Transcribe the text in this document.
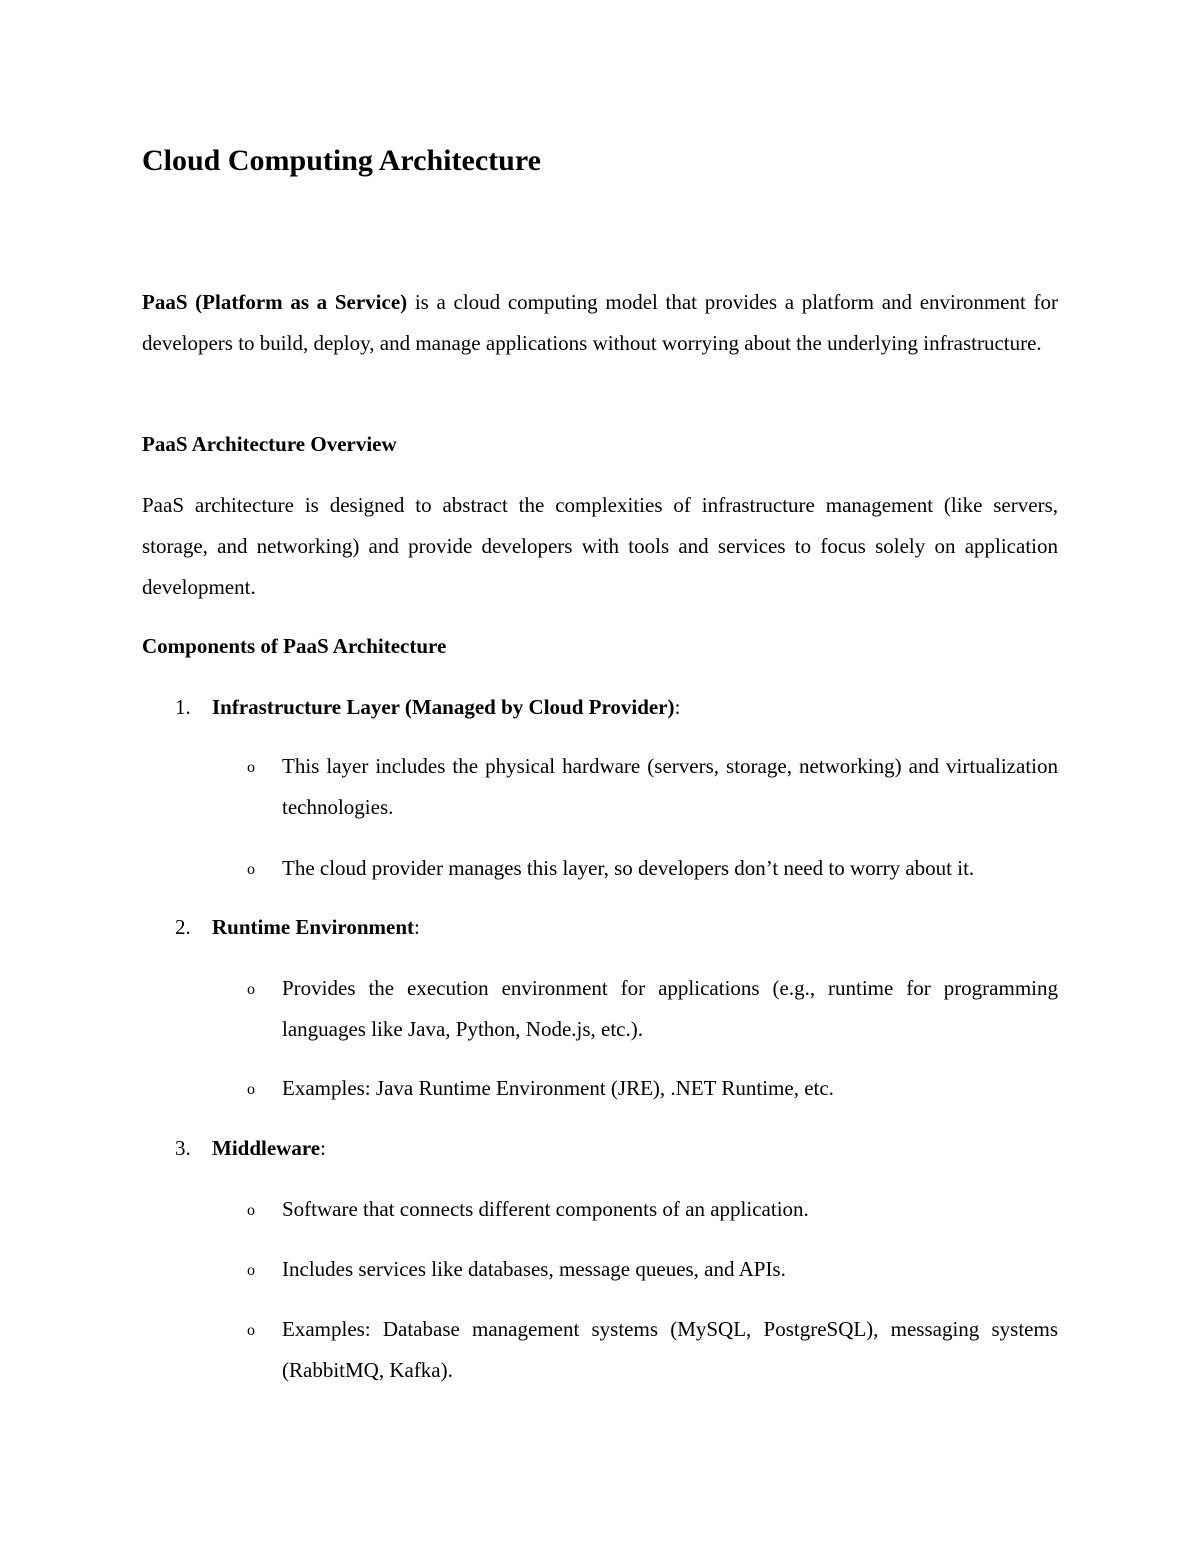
Cloud Computing Architecture

PaaS (Platform as a Service) is a cloud computing model that provides a platform and environment for developers to build, deploy, and manage applications without worrying about the underlying infrastructure.

PaaS Architecture Overview

PaaS architecture is designed to abstract the complexities of infrastructure management (like servers, storage, and networking) and provide developers with tools and services to focus solely on application development.

Components of PaaS Architecture
1. Infrastructure Layer (Managed by Cloud Provider):
o This layer includes the physical hardware (servers, storage, networking) and virtualization technologies.

o The cloud provider manages this layer, so developers don’t need to worry about it.

2. Runtime Environment:
o Provides the execution environment for applications (e.g., runtime for programming languages like Java, Python, Node.js, etc.).

o Examples: Java Runtime Environment (JRE), .NET Runtime, etc.

3. Middleware:
o Software that connects different components of an application.

o Includes services like databases, message queues, and APIs.

o Examples: Database management systems (MySQL, PostgreSQL), messaging systems (RabbitMQ, Kafka).
